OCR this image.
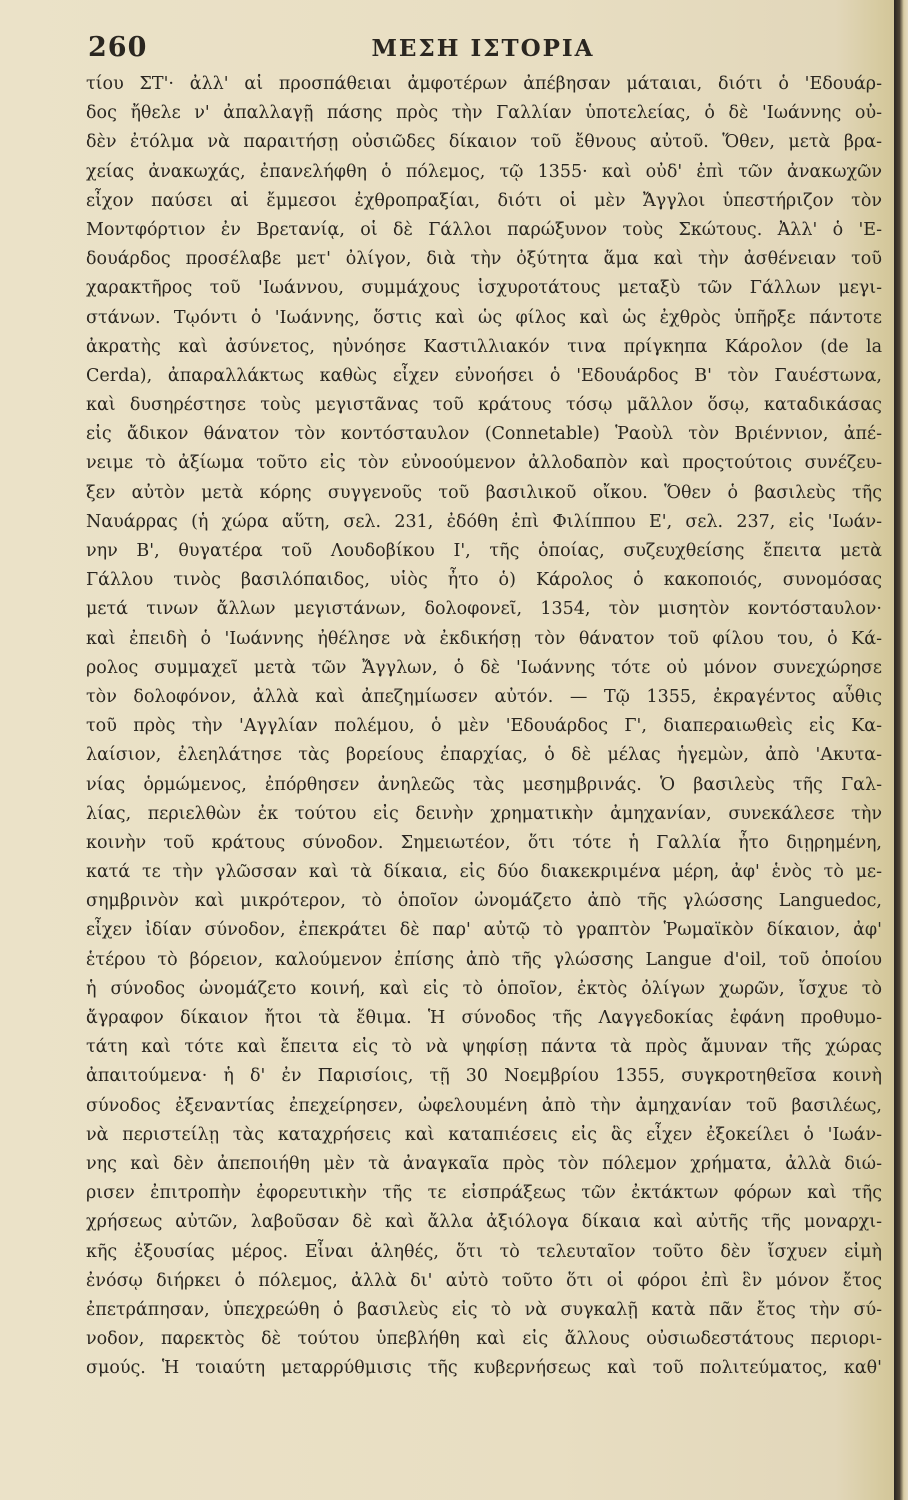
260	ΜΕΣΗ ΙΣΤΟΡΙΑ
τίου ΣΤ'· ἀλλ' αἱ προσπάθειαι ἀμφοτέρων ἀπέβησαν μάταιαι, διότι ὁ 'Εδουάρ-
δος ἤθελε ν' ἀπαλλαγῇ πάσης πρὸς τὴν Γαλλίαν ὑποτελείας, ὁ δὲ 'Ιωάννης οὐ-
δὲν ἐτόλμα νὰ παραιτήσῃ οὐσιῶδες δίκαιον τοῦ ἔθνους αὐτοῦ. Ὅθεν, μετὰ βρα-
χείας ἀνακωχάς, ἐπανελήφθη ὁ πόλεμος, τῷ 1355· καὶ οὐδ' ἐπὶ τῶν ἀνακωχῶν
εἶχον παύσει αἱ ἔμμεσοι ἐχθροπραξίαι, διότι οἱ μὲν Ἄγγλοι ὑπεστήριζον τὸν
Μοντφόρτιον ἐν Βρετανίᾳ, οἱ δὲ Γάλλοι παρώξυνον τοὺς Σκώτους. Ἀλλ' ὁ 'Ε-
δουάρδος προσέλαβε μετ' ὀλίγον, διὰ τὴν ὀξύτητα ἅμα καὶ τὴν ἀσθένειαν τοῦ
χαρακτῆρος τοῦ 'Ιωάννου, συμμάχους ἰσχυροτάτους μεταξὺ τῶν Γάλλων μεγι-
στάνων. Τῳόντι ὁ 'Ιωάννης, ὅστις καὶ ὡς φίλος καὶ ὡς ἐχθρὸς ὑπῆρξε πάντοτε
ἀκρατὴς καὶ ἀσύνετος, ηὐνόησε Καστιλλιακόν τινα πρίγκηπα Κάρολον (de la
Cerda), ἀπαραλλάκτως καθὼς εἶχεν εὐνοήσει ὁ 'Εδουάρδος Β' τὸν Γαυέστωνα,
καὶ δυσηρέστησε τοὺς μεγιστᾶνας τοῦ κράτους τόσῳ μᾶλλον ὅσῳ, καταδικάσας
εἰς ἄδικον θάνατον τὸν κοντόσταυλον (Connetable) Ῥαοὺλ τὸν Βριέννιον, ἀπέ-
νειμε τὸ ἀξίωμα τοῦτο εἰς τὸν εὐνοούμενον ἀλλοδαπὸν καὶ προςτούτοις συνέζευ-
ξεν αὐτὸν μετὰ κόρης συγγενοῦς τοῦ βασιλικοῦ οἴκου. Ὅθεν ὁ βασιλεὺς τῆς
Ναυάρρας (ἡ χώρα αὕτη, σελ. 231, ἐδόθη ἐπὶ Φιλίππου Ε', σελ. 237, εἰς 'Ιωάν-
νην Β', θυγατέρα τοῦ Λουδοβίκου Ι', τῆς ὁποίας, συζευχθείσης ἔπειτα μετὰ
Γάλλου τινὸς βασιλόπαιδος, υἱὸς ἦτο ὁ) Κάρολος ὁ κακοποιός, συνομόσας
μετά τινων ἄλλων μεγιστάνων, δολοφονεῖ, 1354, τὸν μισητὸν κοντόσταυλον·
καὶ ἐπειδὴ ὁ 'Ιωάννης ἠθέλησε νὰ ἐκδικήσῃ τὸν θάνατον τοῦ φίλου του, ὁ Κά-
ρολος συμμαχεῖ μετὰ τῶν Ἄγγλων, ὁ δὲ 'Ιωάννης τότε οὐ μόνον συνεχώρησε
τὸν δολοφόνον, ἀλλὰ καὶ ἀπεζημίωσεν αὐτόν. — Τῷ 1355, ἐκραγέντος αὖθις
τοῦ πρὸς τὴν 'Αγγλίαν πολέμου, ὁ μὲν 'Εδουάρδος Γ', διαπεραιωθεὶς εἰς Κα-
λαίσιον, ἐλεηλάτησε τὰς βορείους ἐπαρχίας, ὁ δὲ μέλας ἡγεμὼν, ἀπὸ 'Ακυτα-
νίας ὁρμώμενος, ἐπόρθησεν ἀνηλεῶς τὰς μεσημβρινάς. Ὁ βασιλεὺς τῆς Γαλ-
λίας, περιελθὼν ἐκ τούτου εἰς δεινὴν χρηματικὴν ἀμηχανίαν, συνεκάλεσε τὴν
κοινὴν τοῦ κράτους σύνοδον. Σημειωτέον, ὅτι τότε ἡ Γαλλία ἦτο διῃρημένη,
κατά τε τὴν γλῶσσαν καὶ τὰ δίκαια, εἰς δύο διακεκριμένα μέρη, ἀφ' ἑνὸς τὸ με-
σημβρινὸν καὶ μικρότερον, τὸ ὁποῖον ὠνομάζετο ἀπὸ τῆς γλώσσης Languedoc,
εἶχεν ἰδίαν σύνοδον, ἐπεκράτει δὲ παρ' αὐτῷ τὸ γραπτὸν Ῥωμαϊκὸν δίκαιον, ἀφ'
ἑτέρου τὸ βόρειον, καλούμενον ἐπίσης ἀπὸ τῆς γλώσσης Langue d'oil, τοῦ ὁποίου
ἡ σύνοδος ὠνομάζετο κοινή, καὶ εἰς τὸ ὁποῖον, ἐκτὸς ὀλίγων χωρῶν, ἴσχυε τὸ
ἄγραφον δίκαιον ἤτοι τὰ ἔθιμα. Ἡ σύνοδος τῆς Λαγγεδοκίας ἐφάνη προθυμο-
τάτη καὶ τότε καὶ ἔπειτα εἰς τὸ νὰ ψηφίσῃ πάντα τὰ πρὸς ἄμυναν τῆς χώρας
ἀπαιτούμενα· ἡ δ' ἐν Παρισίοις, τῇ 30 Νοεμβρίου 1355, συγκροτηθεῖσα κοινὴ
σύνοδος ἐξεναντίας ἐπεχείρησεν, ὠφελουμένη ἀπὸ τὴν ἀμηχανίαν τοῦ βασιλέως,
νὰ περιστείλῃ τὰς καταχρήσεις καὶ καταπιέσεις εἰς ἃς εἶχεν ἐξοκείλει ὁ 'Ιωάν-
νης καὶ δὲν ἀπεποιήθη μὲν τὰ ἀναγκαῖα πρὸς τὸν πόλεμον χρήματα, ἀλλὰ διώ-
ρισεν ἐπιτροπὴν ἐφορευτικὴν τῆς τε εἰσπράξεως τῶν ἐκτάκτων φόρων καὶ τῆς
χρήσεως αὐτῶν, λαβοῦσαν δὲ καὶ ἄλλα ἀξιόλογα δίκαια καὶ αὐτῆς τῆς μοναρχι-
κῆς ἐξουσίας μέρος. Εἶναι ἀληθές, ὅτι τὸ τελευταῖον τοῦτο δὲν ἴσχυεν εἰμὴ
ἐνόσῳ διήρκει ὁ πόλεμος, ἀλλὰ δι' αὐτὸ τοῦτο ὅτι οἱ φόροι ἐπὶ ἓν μόνον ἔτος
ἐπετράπησαν, ὑπεχρεώθη ὁ βασιλεὺς εἰς τὸ νὰ συγκαλῇ κατὰ πᾶν ἔτος τὴν σύ-
νοδον, παρεκτὸς δὲ τούτου ὑπεβλήθη καὶ εἰς ἄλλους οὐσιωδεστάτους περιορι-
σμούς. Ἡ τοιαύτη μεταρρύθμισις τῆς κυβερνήσεως καὶ τοῦ πολιτεύματος, καθ'
